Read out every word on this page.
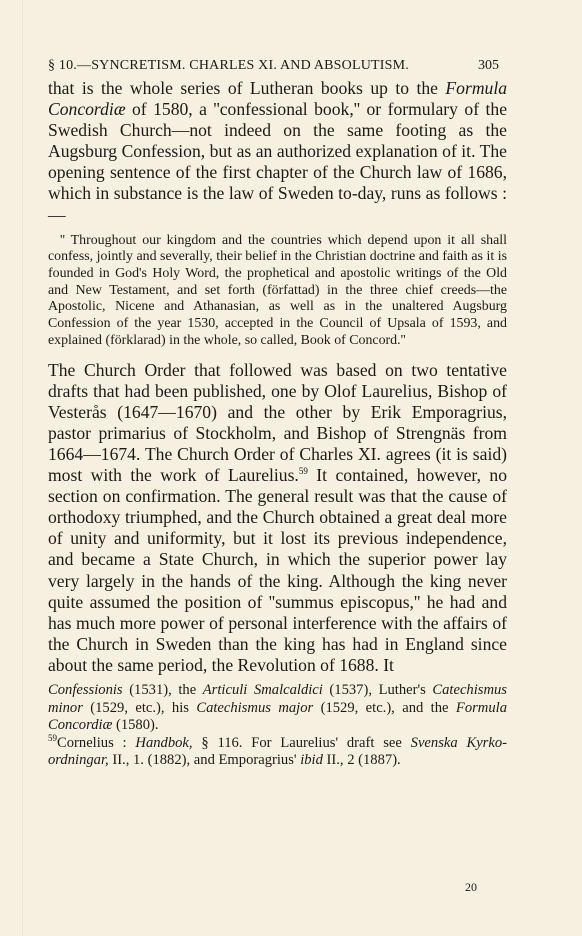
§ 10.—SYNCRETISM. CHARLES XI. AND ABSOLUTISM.	305

that is the whole series of Lutheran books up to the Formula Concordiæ of 1580, a ''confessional book,'' or formulary of the Swedish Church—not indeed on the same footing as the Augsburg Confession, but as an authorized explanation of it. The opening sentence of the first chapter of the Church law of 1686, which in substance is the law of Sweden to-day, runs as follows :—

'' Throughout our kingdom and the countries which depend upon it all shall confess, jointly and severally, their belief in the Christian doctrine and faith as it is founded in God's Holy Word, the prophetical and apostolic writings of the Old and New Testament, and set forth (författad) in the three chief creeds—the Apostolic, Nicene and Athanasian, as well as in the unaltered Augsburg Confession of the year 1530, accepted in the Council of Upsala of 1593, and explained (förklarad) in the whole, so called, Book of Concord.''

The Church Order that followed was based on two tentative drafts that had been published, one by Olof Laurelius, Bishop of Vesterås (1647—1670) and the other by Erik Emporagrius, pastor primarius of Stockholm, and Bishop of Strengnäs from 1664—1674. The Church Order of Charles XI. agrees (it is said) most with the work of Laurelius.$^{59}$ It contained, however, no section on confirmation. The general result was that the cause of orthodoxy triumphed, and the Church obtained a great deal more of unity and uniformity, but it lost its previous independence, and became a State Church, in which the superior power lay very largely in the hands of the king. Although the king never quite assumed the position of ''summus episcopus,'' he had and has much more power of personal interference with the affairs of the Church in Sweden than the king has had in England since about the same period, the Revolution of 1688. It

Confessionis (1531), the Articuli Smalcaldici (1537), Luther's Catechismus minor (1529, etc.), his Catechismus major (1529, etc.), and the Formula Concordiæ (1580).
$^{59}$Cornelius : Handbok, § 116. For Laurelius' draft see Svenska Kyrko-ordningar, II., 1. (1882), and Emporagrius' ibid II., 2 (1887).
20
